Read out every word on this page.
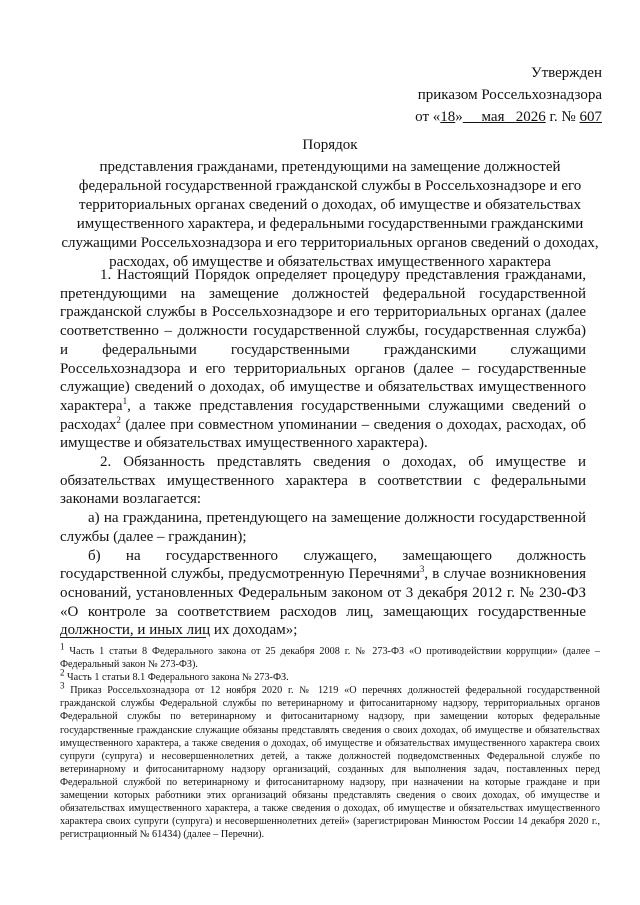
Утвержден
приказом Россельхознадзора
от «18» мая 2026 г. № 607
Порядок
представления гражданами, претендующими на замещение должностей федеральной государственной гражданской службы в Россельхознадзоре и его территориальных органах сведений о доходах, об имуществе и обязательствах имущественного характера, и федеральными государственными гражданскими служащими Россельхознадзора и его территориальных органов сведений о доходах, расходах, об имуществе и обязательствах имущественного характера

1. Настоящий Порядок определяет процедуру представления гражданами, претендующими на замещение должностей федеральной государственной гражданской службы в Россельхознадзоре и его территориальных органах (далее соответственно – должности государственной службы, государственная служба) и федеральными государственными гражданскими служащими Россельхознадзора и его территориальных органов (далее – государственные служащие) сведений о доходах, об имуществе и обязательствах имущественного характера$^1$, а также представления государственными служащими сведений о расходах$^2$ (далее при совместном упоминании – сведения о доходах, расходах, об имуществе и обязательствах имущественного характера).

2. Обязанность представлять сведения о доходах, об имуществе и обязательствах имущественного характера в соответствии с федеральными законами возлагается:

а) на гражданина, претендующего на замещение должности государственной службы (далее – гражданин);

б) на государственного служащего, замещающего должность государственной службы, предусмотренную Перечнями$^3$, в случае возникновения оснований, установленных Федеральным законом от 3 декабря 2012 г. № 230-ФЗ «О контроле за соответствием расходов лиц, замещающих государственные должности, и иных лиц их доходам»;

$^1$ Часть 1 статьи 8 Федерального закона от 25 декабря 2008 г. № 273-ФЗ «О противодействии коррупции» (далее – Федеральный закон № 273-ФЗ).

$^2$ Часть 1 статьи 8.1 Федерального закона № 273-ФЗ.

$^3$ Приказ Россельхознадзора от 12 ноября 2020 г. № 1219 «О перечнях должностей федеральной государственной гражданской службы Федеральной службы по ветеринарному и фитосанитарному надзору, территориальных органов Федеральной службы по ветеринарному и фитосанитарному надзору, при замещении которых федеральные государственные гражданские служащие обязаны представлять сведения о своих доходах, об имуществе и обязательствах имущественного характера, а также сведения о доходах, об имуществе и обязательствах имущественного характера своих супруги (супруга) и несовершеннолетних детей, а также должностей подведомственных Федеральной службе по ветеринарному и фитосанитарному надзору организаций, созданных для выполнения задач, поставленных перед Федеральной службой по ветеринарному и фитосанитарному надзору, при назначении на которые граждане и при замещении которых работники этих организаций обязаны представлять сведения о своих доходах, об имуществе и обязательствах имущественного характера, а также сведения о доходах, об имуществе и обязательствах имущественного характера своих супруги (супруга) и несовершеннолетних детей» (зарегистрирован Минюстом России 14 декабря 2020 г., регистрационный № 61434) (далее – Перечни).
